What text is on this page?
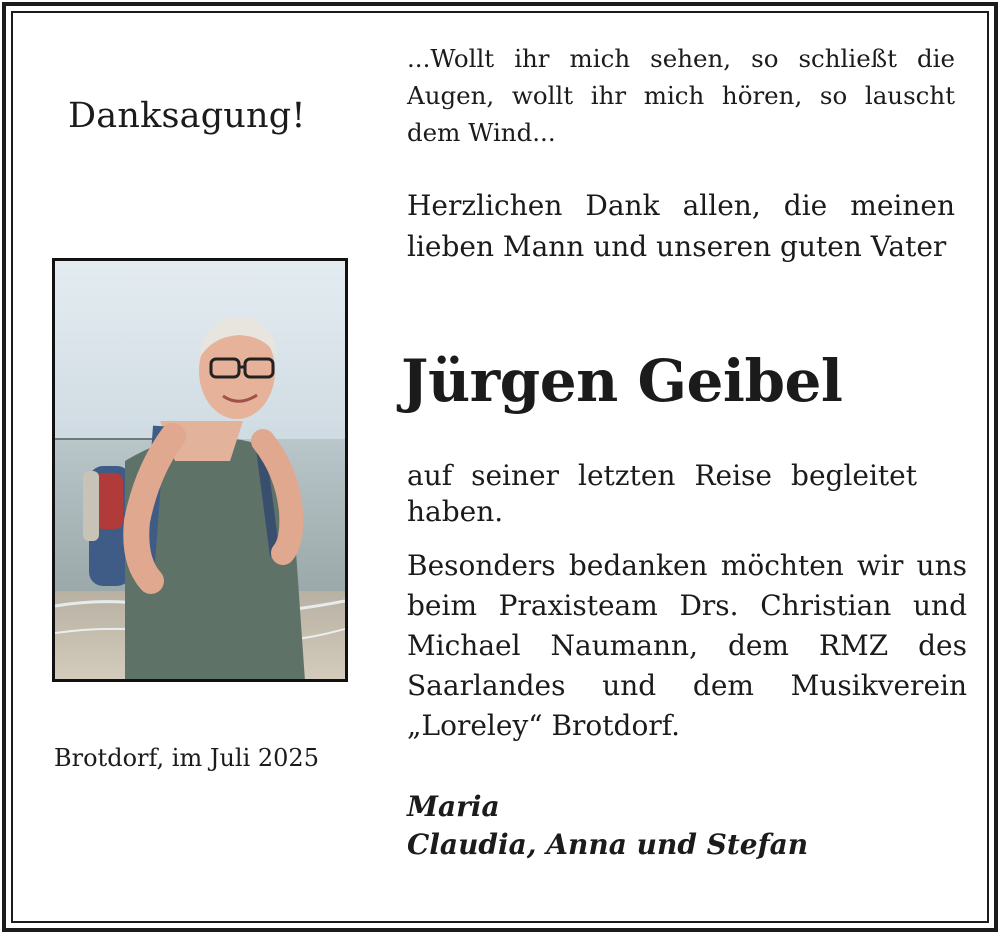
Danksagung!
Brotdorf, im Juli 2025
...Wollt ihr mich sehen, so schließt die Augen, wollt ihr mich hören, so lauscht dem Wind...
Herzlichen Dank allen, die meinen lieben Mann und unseren guten Vater
Jürgen Geibel
auf seiner letzten Reise begleitet haben.
Besonders bedanken möchten wir uns beim Praxisteam Drs. Christian und Michael Naumann, dem RMZ des Saarlandes und dem Musikverein „Loreley“ Brotdorf.
Maria
Claudia, Anna und Stefan
